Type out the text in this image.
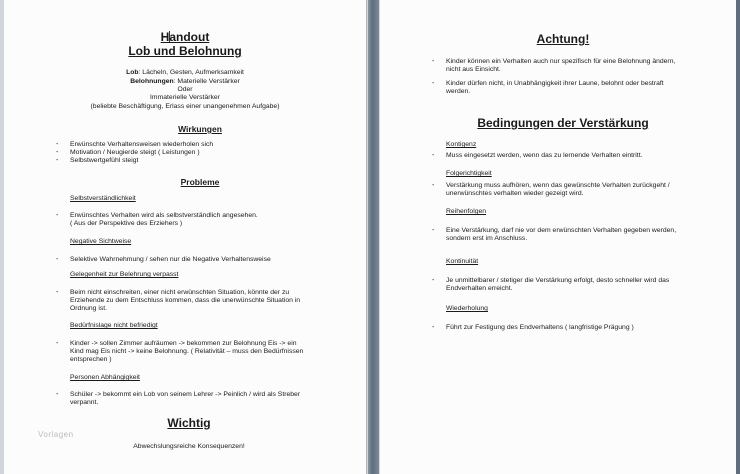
Handout
Lob und Belohnung
Lob: Lächeln, Gesten, Aufmerksamkeit
Belohnungen: Materielle Verstärker
Oder
Immaterielle Verstärker
(beliebte Beschäftigung, Erlass einer unangenehmen Aufgabe)
Wirkungen
- Erwünschte Verhaltensweisen wiederholen sich
- Motivation / Neugierde steigt ( Leistungen )
- Selbstwertgefühl steigt
Probleme
Selbstverständlichkeit
- Erwünschtes Verhalten wird als selbstverständlich angesehen.
( Aus der Perspektive des Erziehers )
Negative Sichtweise
- Selektive Wahrnehmung / sehen nur die Negative Verhaltensweise
Gelegenheit zur Belehrung verpasst
- Beim nicht einschreiten, einer nicht erwünschten Situation, könnte der zu
Erziehende zu dem Entschluss kommen, dass die unerwünschte Situation in
Ordnung ist.
Bedürfnislage nicht befriedigt
- Kinder -> sollen Zimmer aufräumen -> bekommen zur Belohnung Eis -> ein
Kind mag Eis nicht -> keine Belohnung. ( Relativität – muss den Bedürfnissen
entsprechen )
Personen Abhängigkeit
- Schüler -> bekommt ein Lob von seinem Lehrer -> Peinlich / wird als Streber
verpannt.
Wichtig
Abwechslungsreiche Konsequenzen!
Vorlagen
Achtung!
- Kinder können ein Verhalten auch nur spezifisch für eine Belohnung ändern,
nicht aus Einsicht.
- Kinder dürfen nicht, in Unabhängigkeit ihrer Laune, belohnt oder bestraft
werden.
Bedingungen der Verstärkung
Kontigenz
- Muss eingesetzt werden, wenn das zu lernende Verhalten eintritt.
Folgerichtigkeit
- Verstärkung muss aufhören, wenn das gewünschte Verhalten zurückgeht /
unerwünschtes verhalten wieder gezeigt wird.
Reihenfolgen
- Eine Verstärkung, darf nie vor dem erwünschten Verhalten gegeben werden,
sondern erst im Anschluss.
Kontinuität
- Je unmittelbarer / stetiger die Verstärkung erfolgt, desto schneller wird das
Endverhalten erreicht.
Wiederholung
- Führt zur Festigung des Endverhaltens ( langfristige Prägung )
